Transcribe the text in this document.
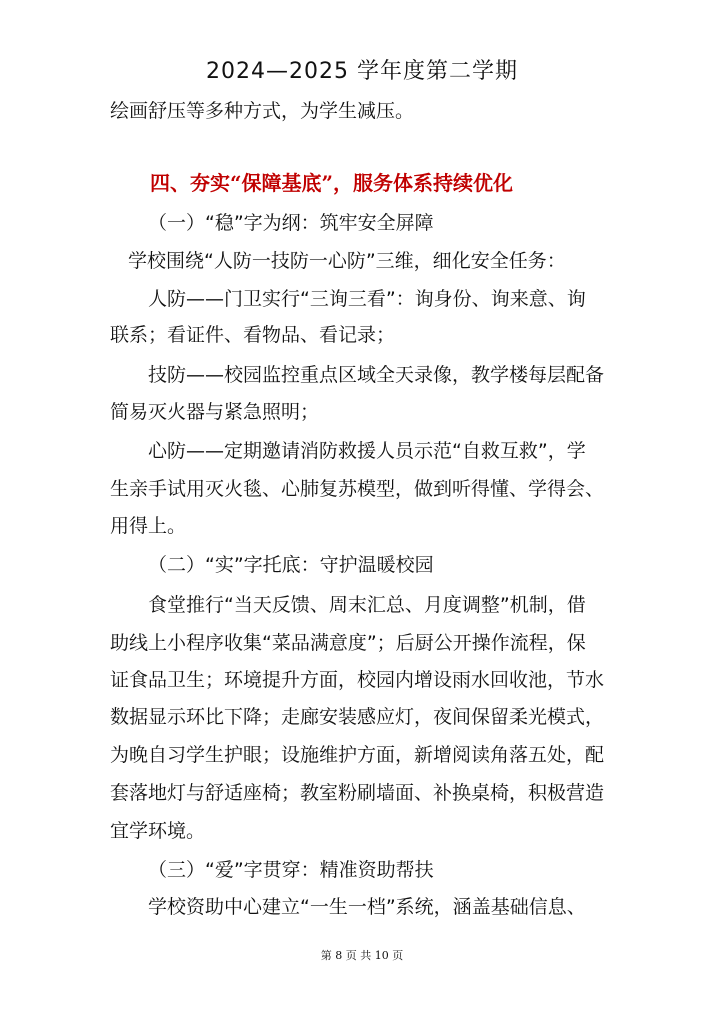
2024—2025 学年度第二学期
绘画舒压等多种方式，为学生减压。
四、夯实“保障基底”，服务体系持续优化
（一）“稳”字为纲：筑牢安全屏障
学校围绕“人防一技防一心防”三维，细化安全任务：
人防——门卫实行“三询三看”：询身份、询来意、询
联系；看证件、看物品、看记录；
技防——校园监控重点区域全天录像，教学楼每层配备
简易灭火器与紧急照明；
心防——定期邀请消防救援人员示范“自救互救”，学
生亲手试用灭火毯、心肺复苏模型，做到听得懂、学得会、
用得上。
（二）“实”字托底：守护温暖校园
食堂推行“当天反馈、周末汇总、月度调整”机制，借
助线上小程序收集“菜品满意度”；后厨公开操作流程，保
证食品卫生；环境提升方面，校园内增设雨水回收池，节水
数据显示环比下降；走廊安装感应灯，夜间保留柔光模式，
为晚自习学生护眼；设施维护方面，新增阅读角落五处，配
套落地灯与舒适座椅；教室粉刷墙面、补换桌椅，积极营造
宜学环境。
（三）“爱”字贯穿：精准资助帮扶
学校资助中心建立“一生一档”系统，涵盖基础信息、
第 8 页 共 10 页
